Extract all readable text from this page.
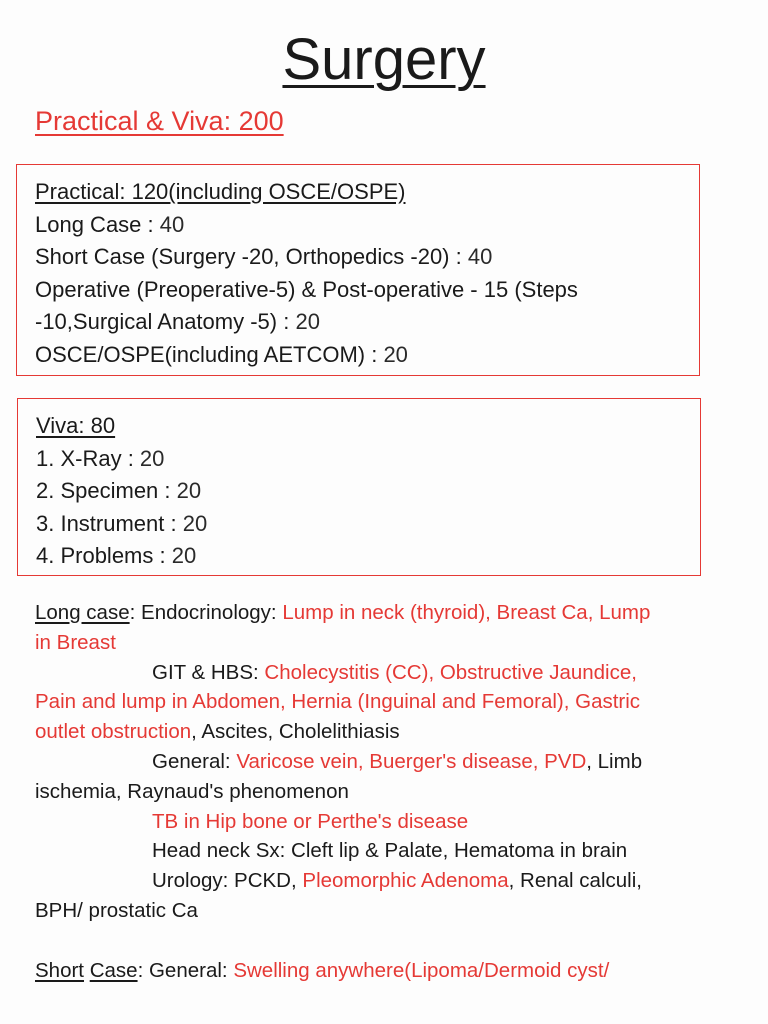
Surgery
Practical & Viva: 200
Practical: 120(including OSCE/OSPE)
Long Case : 40
Short Case (Surgery -20, Orthopedics -20) : 40
Operative (Preoperative-5) & Post-operative - 15 (Steps
-10,Surgical Anatomy -5) : 20
OSCE/OSPE(including AETCOM) : 20
Viva: 80
1. X-Ray : 20
2. Specimen : 20
3. Instrument : 20
4. Problems : 20
Long case: Endocrinology: Lump in neck (thyroid), Breast Ca, Lump
in Breast
GIT & HBS: Cholecystitis (CC), Obstructive Jaundice,
Pain and lump in Abdomen, Hernia (Inguinal and Femoral), Gastric
outlet obstruction, Ascites, Cholelithiasis
General: Varicose vein, Buerger's disease, PVD, Limb
ischemia, Raynaud's phenomenon
TB in Hip bone or Perthe's disease
Head neck Sx: Cleft lip & Palate, Hematoma in brain
Urology: PCKD, Pleomorphic Adenoma, Renal calculi,
BPH/ prostatic Ca
Short Case: General: Swelling anywhere(Lipoma/Dermoid cyst/
